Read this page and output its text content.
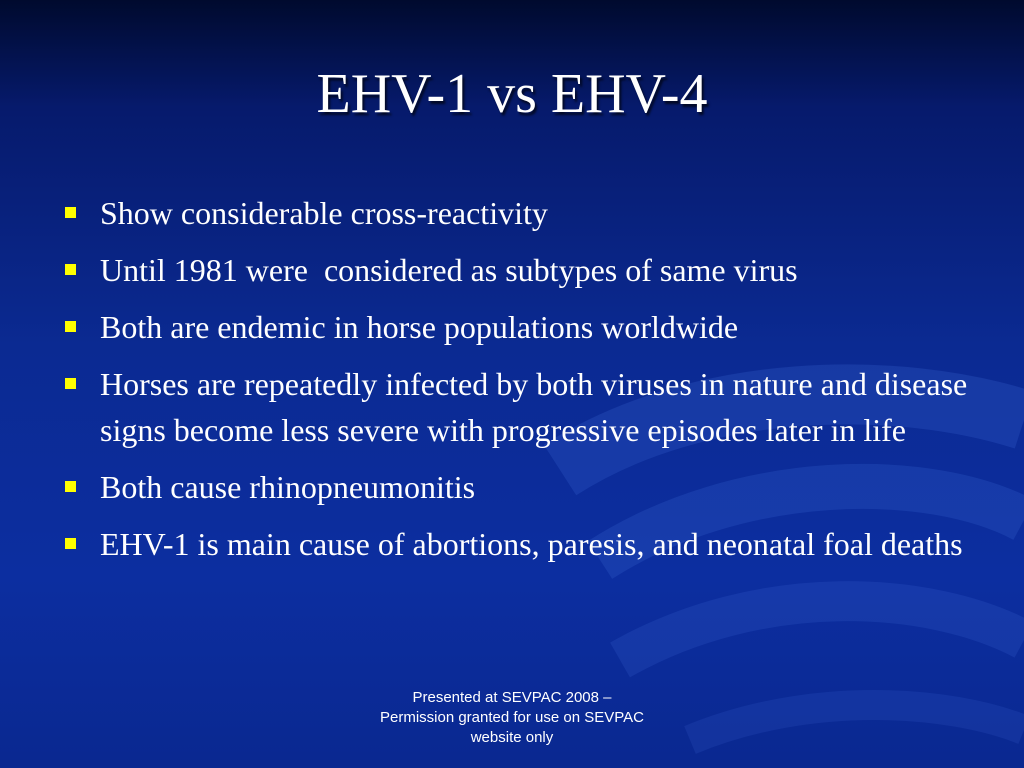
EHV-1 vs EHV-4
Show considerable cross-reactivity
Until 1981 were  considered as subtypes of same virus
Both are endemic in horse populations worldwide
Horses are repeatedly infected by both viruses in nature and disease signs become less severe with progressive episodes later in life
Both cause rhinopneumonitis
EHV-1 is main cause of abortions, paresis, and neonatal foal deaths
Presented at SEVPAC 2008 –
Permission granted for use on SEVPAC
website only
